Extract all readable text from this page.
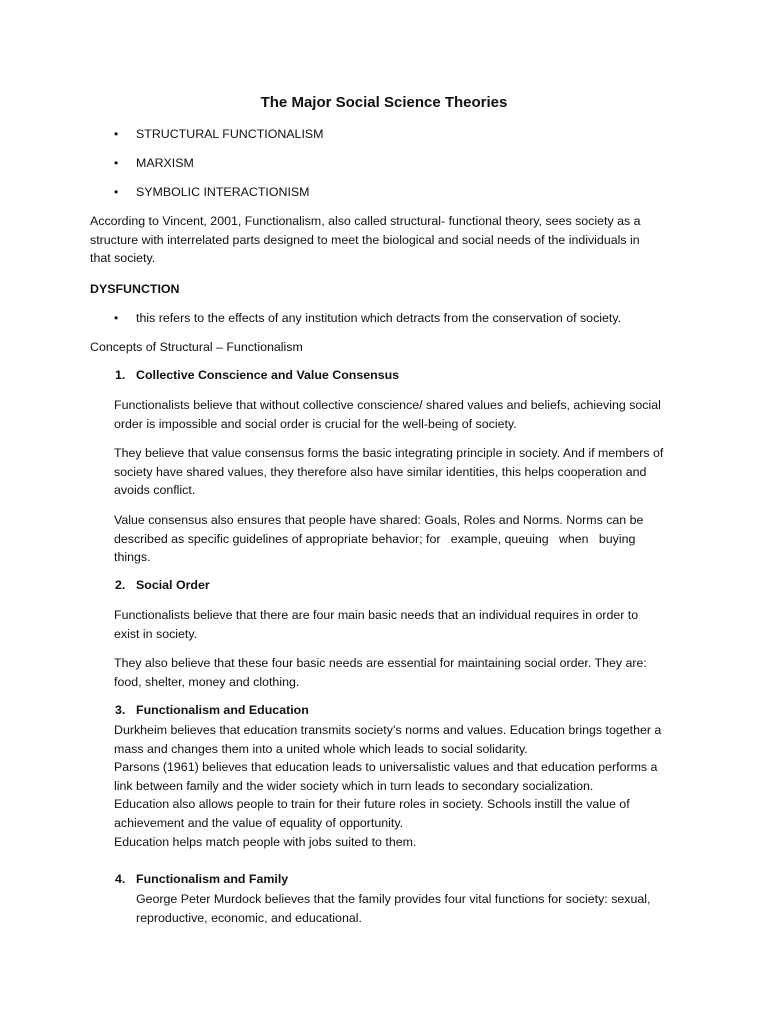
The Major Social Science Theories
• STRUCTURAL FUNCTIONALISM
• MARXISM
• SYMBOLIC INTERACTIONISM
According to Vincent, 2001, Functionalism, also called structural- functional theory, sees society as a
structure with interrelated parts designed to meet the biological and social needs of the individuals in
that society.
DYSFUNCTION
• this refers to the effects of any institution which detracts from the conservation of society.
Concepts of Structural – Functionalism
1. Collective Conscience and Value Consensus
Functionalists believe that without collective conscience/ shared values and beliefs, achieving social
order is impossible and social order is crucial for the well-being of society.
They believe that value consensus forms the basic integrating principle in society. And if members of
society have shared values, they therefore also have similar identities, this helps cooperation and
avoids conflict.
Value consensus also ensures that people have shared: Goals, Roles and Norms. Norms can be
described as specific guidelines of appropriate behavior; for   example, queuing   when   buying
things.
2. Social Order
Functionalists believe that there are four main basic needs that an individual requires in order to
exist in society.
They also believe that these four basic needs are essential for maintaining social order. They are:
food, shelter, money and clothing.
3. Functionalism and Education
Durkheim believes that education transmits society’s norms and values. Education brings together a
mass and changes them into a united whole which leads to social solidarity.
Parsons (1961) believes that education leads to universalistic values and that education performs a
link between family and the wider society which in turn leads to secondary socialization.
Education also allows people to train for their future roles in society. Schools instill the value of
achievement and the value of equality of opportunity.
Education helps match people with jobs suited to them.
4. Functionalism and Family
George Peter Murdock believes that the family provides four vital functions for society: sexual,
reproductive, economic, and educational.
